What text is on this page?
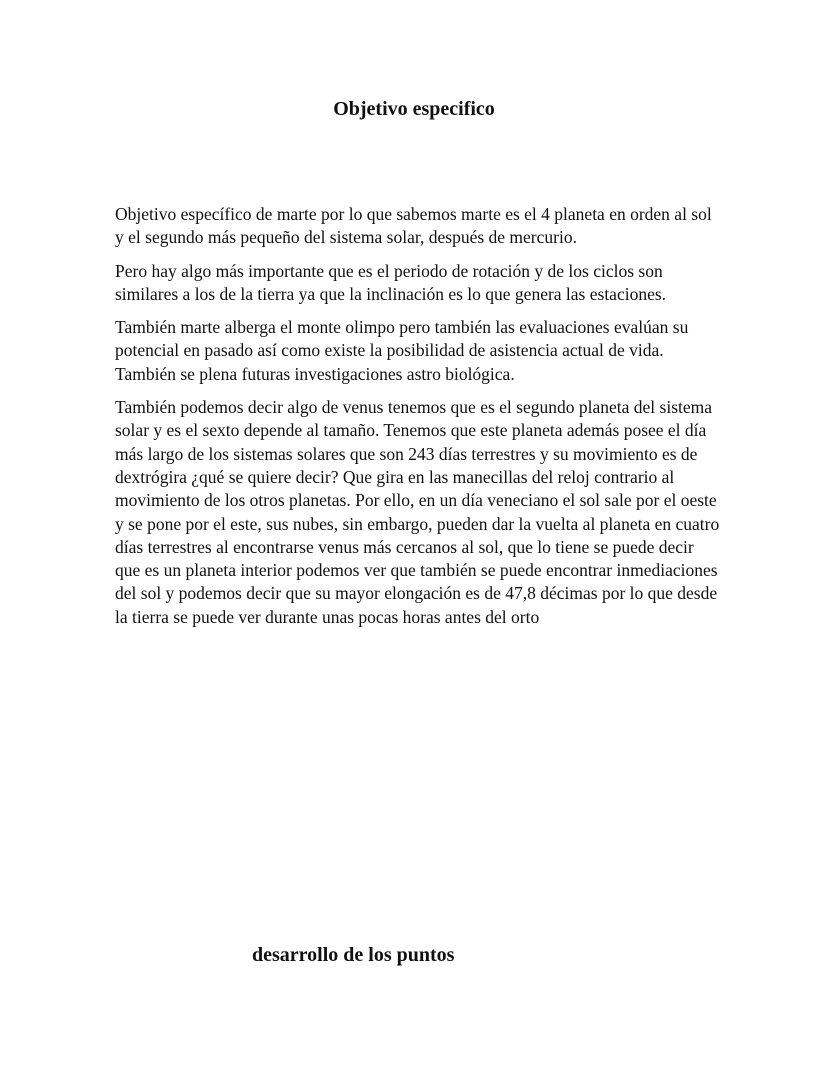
Objetivo especifico

Objetivo específico de marte por lo que sabemos marte es el 4 planeta en orden al sol y el segundo más pequeño del sistema solar, después de mercurio.

Pero hay algo más importante que es el periodo de rotación y de los ciclos son similares a los de la tierra ya que la inclinación es lo que genera las estaciones.

También marte alberga el monte olimpo pero también las evaluaciones evalúan su potencial en pasado así como existe la posibilidad de asistencia actual de vida. También se plena futuras investigaciones astro biológica.

También podemos decir algo de venus tenemos que es el segundo planeta del sistema solar y es el sexto depende al tamaño. Tenemos que este planeta además posee el día más largo de los sistemas solares que son 243 días terrestres y su movimiento es de dextrógira ¿qué se quiere decir? Que gira en las manecillas del reloj contrario al movimiento de los otros planetas. Por ello, en un día veneciano el sol sale por el oeste y se pone por el este, sus nubes, sin embargo, pueden dar la vuelta al planeta en cuatro días terrestres al encontrarse venus más cercanos al sol, que lo tiene se puede decir que es un planeta interior podemos ver que también se puede encontrar inmediaciones del sol y podemos decir que su mayor elongación es de 47,8 décimas por lo que desde la tierra se puede ver durante unas pocas horas antes del orto

desarrollo de los puntos
